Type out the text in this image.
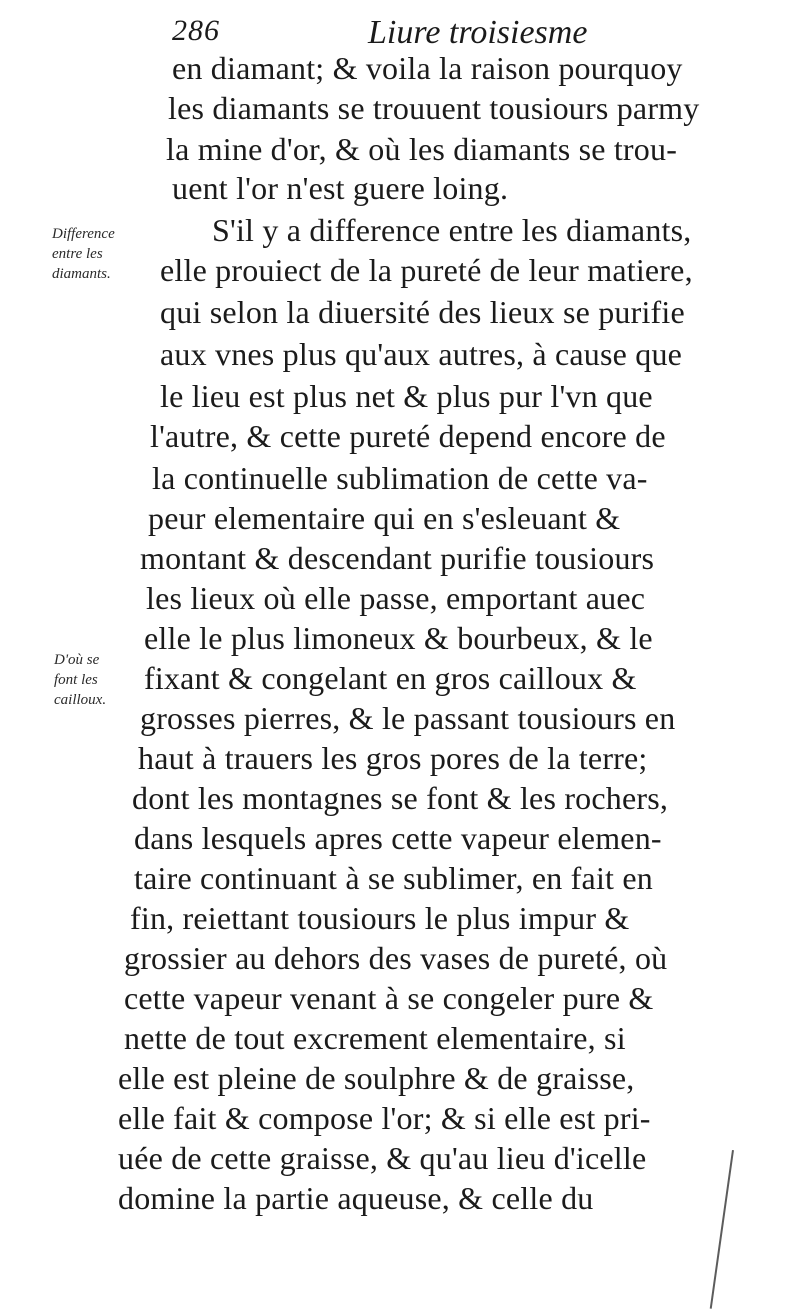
286	Liure troisiesme
en diamant; & voila la raison pourquoy
les diamants se trouuent tousiours parmy
la mine d'or, & où les diamants se trou-
uent l'or n'est guere loing.
S'il y a difference entre les diamants,
elle prouiect de la pureté de leur matiere,
qui selon la diuersité des lieux se purifie
aux vnes plus qu'aux autres, à cause que
le lieu est plus net & plus pur l'vn que
l'autre, & cette pureté depend encore de
la continuelle sublimation de cette va-
peur elementaire qui en s'esleuant &
montant & descendant purifie tousiours
les lieux où elle passe, emportant auec
elle le plus limoneux & bourbeux, & le
fixant & congelant en gros cailloux &
grosses pierres, & le passant tousiours en
haut à trauers les gros pores de la terre;
dont les montagnes se font & les rochers,
dans lesquels apres cette vapeur elemen-
taire continuant à se sublimer, en fait en
fin, reiettant tousiours le plus impur &
grossier au dehors des vases de pureté, où
cette vapeur venant à se congeler pure &
nette de tout excrement elementaire, si
elle est pleine de soulphre & de graisse,
elle fait & compose l'or; & si elle est pri-
uée de cette graisse, & qu'au lieu d'icelle
domine la partie aqueuse, & celle du
Difference
entre les
diamants.
D'où se
font les
cailloux.
